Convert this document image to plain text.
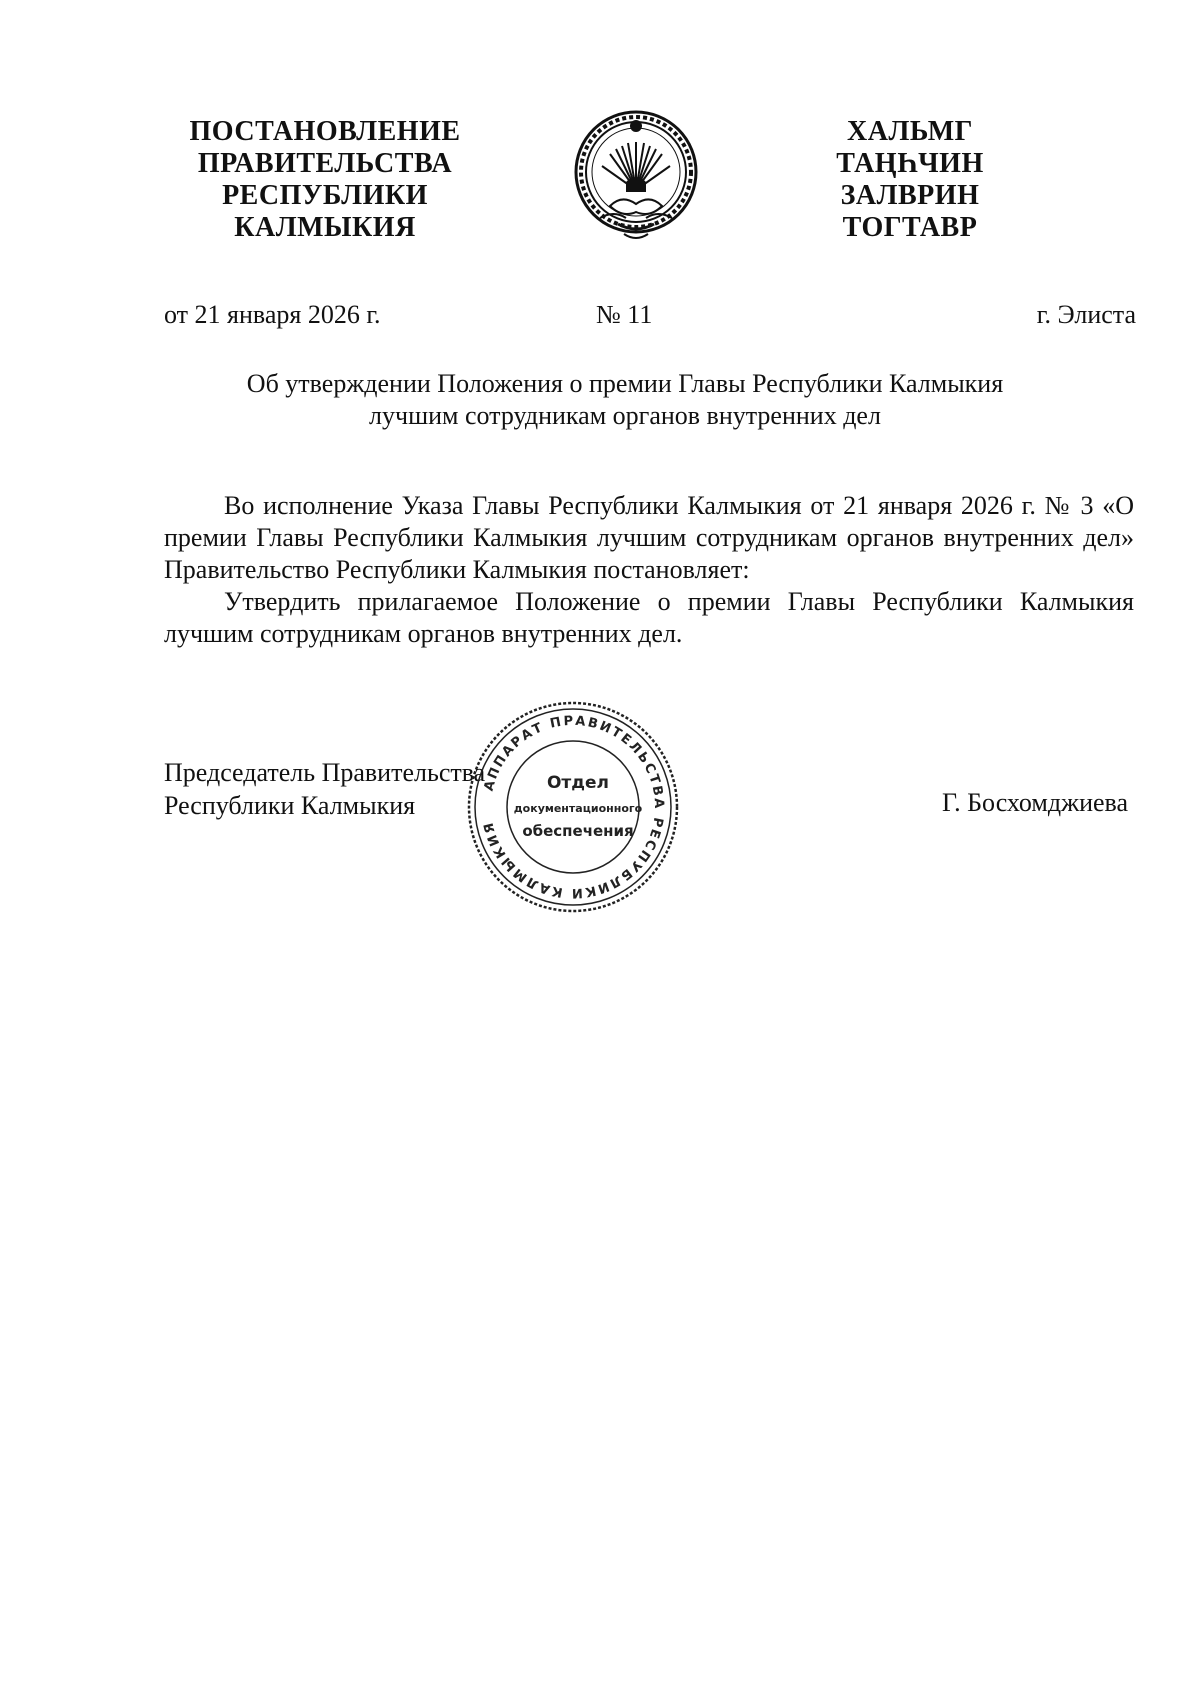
ПОСТАНОВЛЕНИЕ
ПРАВИТЕЛЬСТВА
РЕСПУБЛИКИ
КАЛМЫКИЯ
ХАЛЬМГ
ТАҢҺЧИН
ЗАЛВРИН
ТОГТАВР
от 21 января 2026 г.	№ 11	г. Элиста
Об утверждении Положения о премии Главы Республики Калмыкия
лучшим сотрудникам органов внутренних дел

Во исполнение Указа Главы Республики Калмыкия от 21 января 2026 г. № 3 «О премии Главы Республики Калмыкия лучшим сотрудникам органов внутренних дел» Правительство Республики Калмыкия постановляет:

Утвердить прилагаемое Положение о премии Главы Республики Калмыкия лучшим сотрудникам органов внутренних дел.

Председатель Правительства
Республики Калмыкия	Г. Босхомджиева
АППАРАТ ПРАВИТЕЛЬСТВА РЕСПУБЛИКИ КАЛМЫКИЯ
Отдел
документационного
обеспечения
